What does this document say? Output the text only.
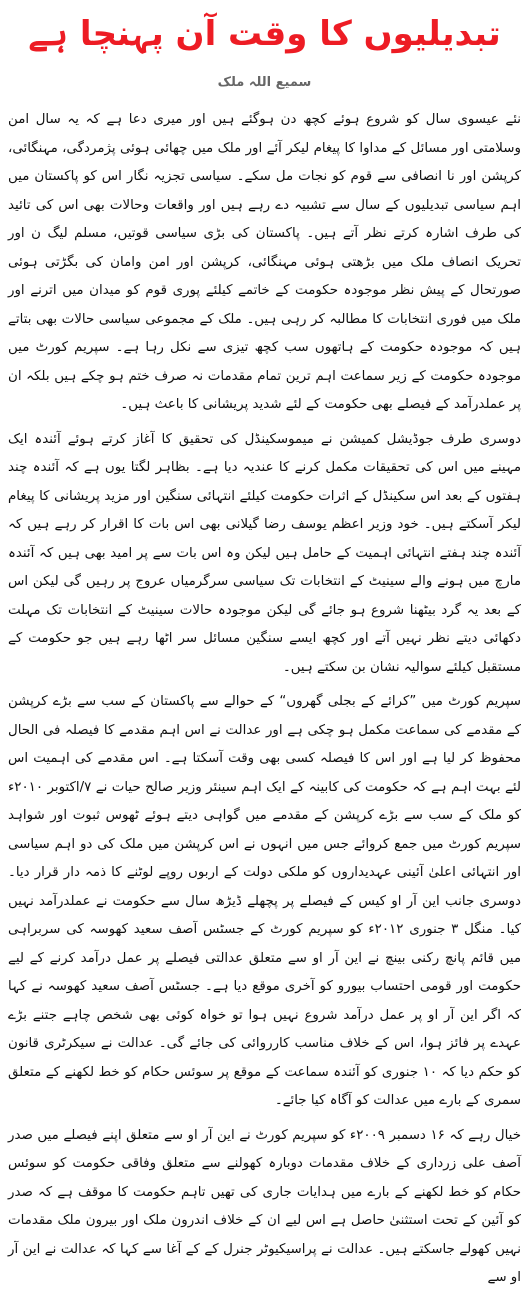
تبدیلیوں کا وقت آن پہنچا ہے
سمیع اللہ ملک

نئے عیسوی سال کو شروع ہوئے کچھ دن ہوگئے ہیں اور میری دعا ہے کہ یہ سال امن وسلامتی اور مسائل کے مداوا کا پیغام لیکر آئے اور ملک میں چھائی ہوئی پژمردگی، مہنگائی، کرپشن اور نا انصافی سے قوم کو نجات مل سکے۔ سیاسی تجزیہ نگار اس کو پاکستان میں اہم سیاسی تبدیلیوں کے سال سے تشبیہ دے رہے ہیں اور واقعات وحالات بھی اس کی تائید کی طرف اشارہ کرتے نظر آتے ہیں۔ پاکستان کی بڑی سیاسی قوتیں، مسلم لیگ ن اور تحریک انصاف ملک میں بڑھتی ہوئی مہنگائی، کرپشن اور امن وامان کی بگڑتی ہوئی صورتحال کے پیش نظر موجودہ حکومت کے خاتمے کیلئے پوری قوم کو میدان میں اترنے اور ملک میں فوری انتخابات کا مطالبہ کر رہی ہیں۔ ملک کے مجموعی سیاسی حالات بھی بتاتے ہیں کہ موجودہ حکومت کے ہاتھوں سب کچھ تیزی سے نکل رہا ہے۔ سپریم کورٹ میں موجودہ حکومت کے زیر سماعت اہم ترین تمام مقدمات نہ صرف ختم ہو چکے ہیں بلکہ ان پر عملدرآمد کے فیصلے بھی حکومت کے لئے شدید پریشانی کا باعث ہیں۔

دوسری طرف جوڈیشل کمیشن نے میموسکینڈل کی تحقیق کا آغاز کرتے ہوئے آئندہ ایک مہینے میں اس کی تحقیقات مکمل کرنے کا عندیہ دیا ہے۔ بظاہر لگتا یوں ہے کہ آئندہ چند ہفتوں کے بعد اس سکینڈل کے اثرات حکومت کیلئے انتہائی سنگین اور مزید پریشانی کا پیغام لیکر آسکتے ہیں۔ خود وزیر اعظم یوسف رضا گیلانی بھی اس بات کا اقرار کر رہے ہیں کہ آئندہ چند ہفتے انتہائی اہمیت کے حامل ہیں لیکن وہ اس بات سے پر امید بھی ہیں کہ آئندہ مارچ میں ہونے والے سینیٹ کے انتخابات تک سیاسی سرگرمیاں عروج پر رہیں گی لیکن اس کے بعد یہ گرد بیٹھنا شروع ہو جائے گی لیکن موجودہ حالات سینیٹ کے انتخابات تک مہلت دکھائی دیتے نظر نہیں آتے اور کچھ ایسے سنگین مسائل سر اٹھا رہے ہیں جو حکومت کے مستقبل کیلئے سوالیہ نشان بن سکتے ہیں۔

سپریم کورٹ میں ”کرائے کے بجلی گھروں“ کے حوالے سے پاکستان کے سب سے بڑے کرپشن کے مقدمے کی سماعت مکمل ہو چکی ہے اور عدالت نے اس اہم مقدمے کا فیصلہ فی الحال محفوظ کر لیا ہے اور اس کا فیصلہ کسی بھی وقت آسکتا ہے۔ اس مقدمے کی اہمیت اس لئے بہت اہم ہے کہ حکومت کی کابینہ کے ایک اہم سینئر وزیر صالح حیات نے ۷/اکتوبر ۲۰۱۰ء کو ملک کے سب سے بڑے کرپشن کے مقدمے میں گواہی دیتے ہوئے ٹھوس ثبوت اور شواہد سپریم کورٹ میں جمع کروائے جس میں انہوں نے اس کرپشن میں ملک کی دو اہم سیاسی اور انتہائی اعلیٰ آئینی عہدیداروں کو ملکی دولت کے اربوں روپے لوٹنے کا ذمہ دار قرار دیا۔ دوسری جانب این آر او کیس کے فیصلے پر پچھلے ڈیڑھ سال سے حکومت نے عملدرآمد نہیں کیا۔ منگل ۳ جنوری ۲۰۱۲ء کو سپریم کورٹ کے جسٹس آصف سعید کھوسہ کی سربراہی میں قائم پانچ رکنی بینچ نے این آر او سے متعلق عدالتی فیصلے پر عمل درآمد کرنے کے لیے حکومت اور قومی احتساب بیورو کو آخری موقع دیا ہے۔ جسٹس آصف سعید کھوسہ نے کہا کہ اگر این آر او پر عمل درآمد شروع نہیں ہوا تو خواہ کوئی بھی شخص چاہے جتنے بڑے عہدے پر فائز ہوا، اس کے خلاف مناسب کارروائی کی جائے گی۔ عدالت نے سیکرٹری قانون کو حکم دیا کہ ۱۰ جنوری کو آئندہ سماعت کے موقع پر سوئس حکام کو خط لکھنے کے متعلق سمری کے بارے میں عدالت کو آگاہ کیا جائے۔

خیال رہے کہ ۱۶ دسمبر ۲۰۰۹ء کو سپریم کورٹ نے این آر او سے متعلق اپنے فیصلے میں صدر آصف علی زرداری کے خلاف مقدمات دوبارہ کھولنے سے متعلق وفاقی حکومت کو سوئس حکام کو خط لکھنے کے بارے میں ہدایات جاری کی تھیں تاہم حکومت کا موقف ہے کہ صدر کو آئین کے تحت استثنیٰ حاصل ہے اس لیے ان کے خلاف اندرون ملک اور بیرون ملک مقدمات نہیں کھولے جاسکتے ہیں۔ عدالت نے پراسیکیوٹر جنرل کے کے آغا سے کہا کہ عدالت نے این آر او سے
